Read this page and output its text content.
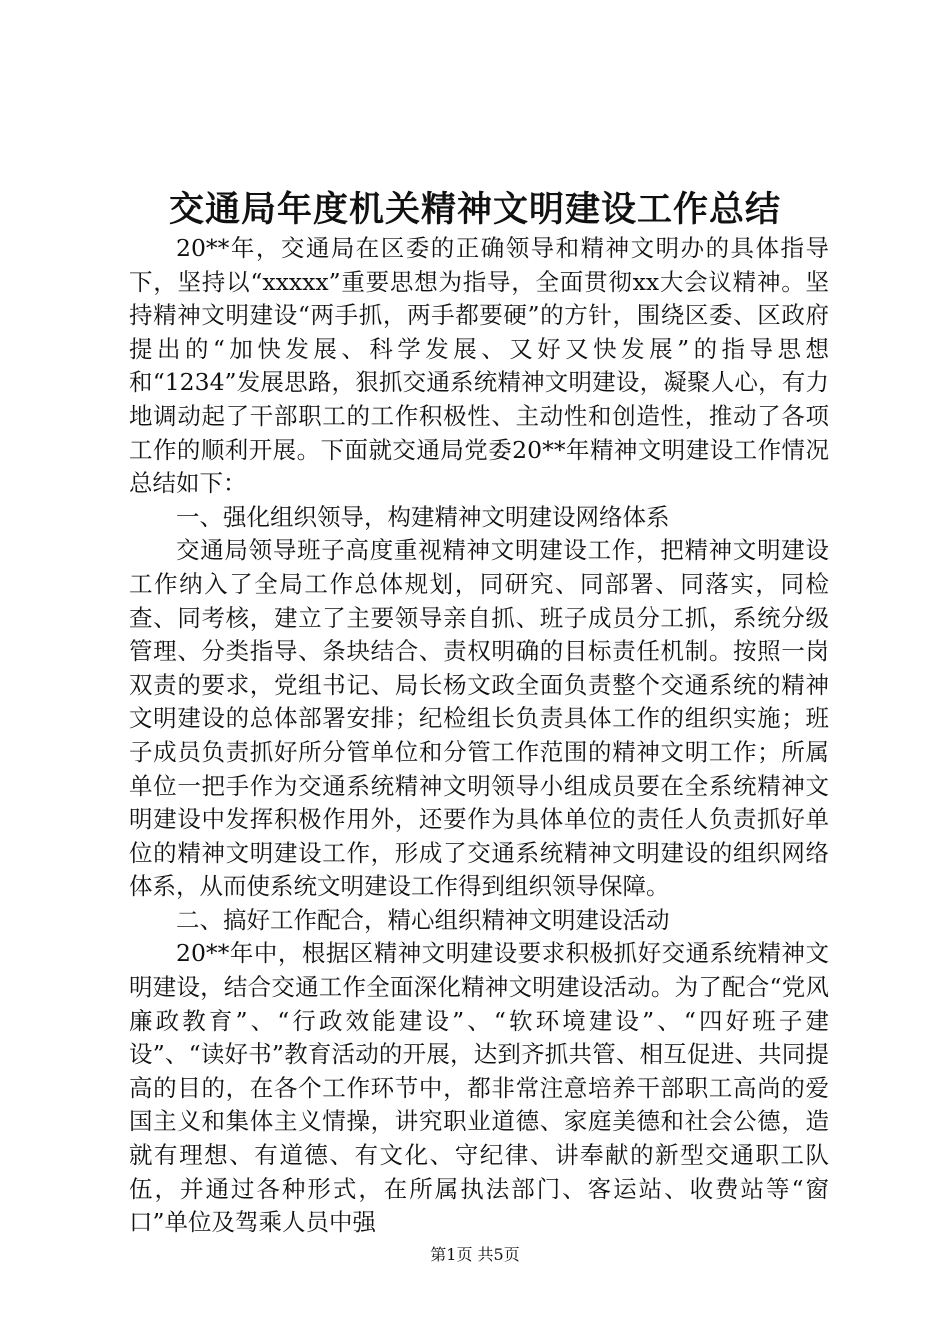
交通局年度机关精神文明建设工作总结

20**年，交通局在区委的正确领导和精神文明办的具体指导下，坚持以“xxxxx”重要思想为指导，全面贯彻xx大会议精神。坚持精神文明建设“两手抓，两手都要硬”的方针，围绕区委、区政府提出的“加快发展、科学发展、又好又快发展”的指导思想和“1234”发展思路，狠抓交通系统精神文明建设，凝聚人心，有力地调动起了干部职工的工作积极性、主动性和创造性，推动了各项工作的顺利开展。下面就交通局党委20**年精神文明建设工作情况总结如下：

一、强化组织领导，构建精神文明建设网络体系

交通局领导班子高度重视精神文明建设工作，把精神文明建设工作纳入了全局工作总体规划，同研究、同部署、同落实，同检查、同考核，建立了主要领导亲自抓、班子成员分工抓，系统分级管理、分类指导、条块结合、责权明确的目标责任机制。按照一岗双责的要求，党组书记、局长杨文政全面负责整个交通系统的精神文明建设的总体部署安排；纪检组长负责具体工作的组织实施；班子成员负责抓好所分管单位和分管工作范围的精神文明工作；所属单位一把手作为交通系统精神文明领导小组成员要在全系统精神文明建设中发挥积极作用外，还要作为具体单位的责任人负责抓好单位的精神文明建设工作，形成了交通系统精神文明建设的组织网络体系，从而使系统文明建设工作得到组织领导保障。

二、搞好工作配合，精心组织精神文明建设活动

20**年中，根据区精神文明建设要求积极抓好交通系统精神文明建设，结合交通工作全面深化精神文明建设活动。为了配合“党风廉政教育”、“行政效能建设”、“软环境建设”、“四好班子建设”、“读好书”教育活动的开展，达到齐抓共管、相互促进、共同提高的目的，在各个工作环节中，都非常注意培养干部职工高尚的爱国主义和集体主义情操，讲究职业道德、家庭美德和社会公德，造就有理想、有道德、有文化、守纪律、讲奉献的新型交通职工队伍，并通过各种形式，在所属执法部门、客运站、收费站等“窗口”单位及驾乘人员中强

第1页 共5页
